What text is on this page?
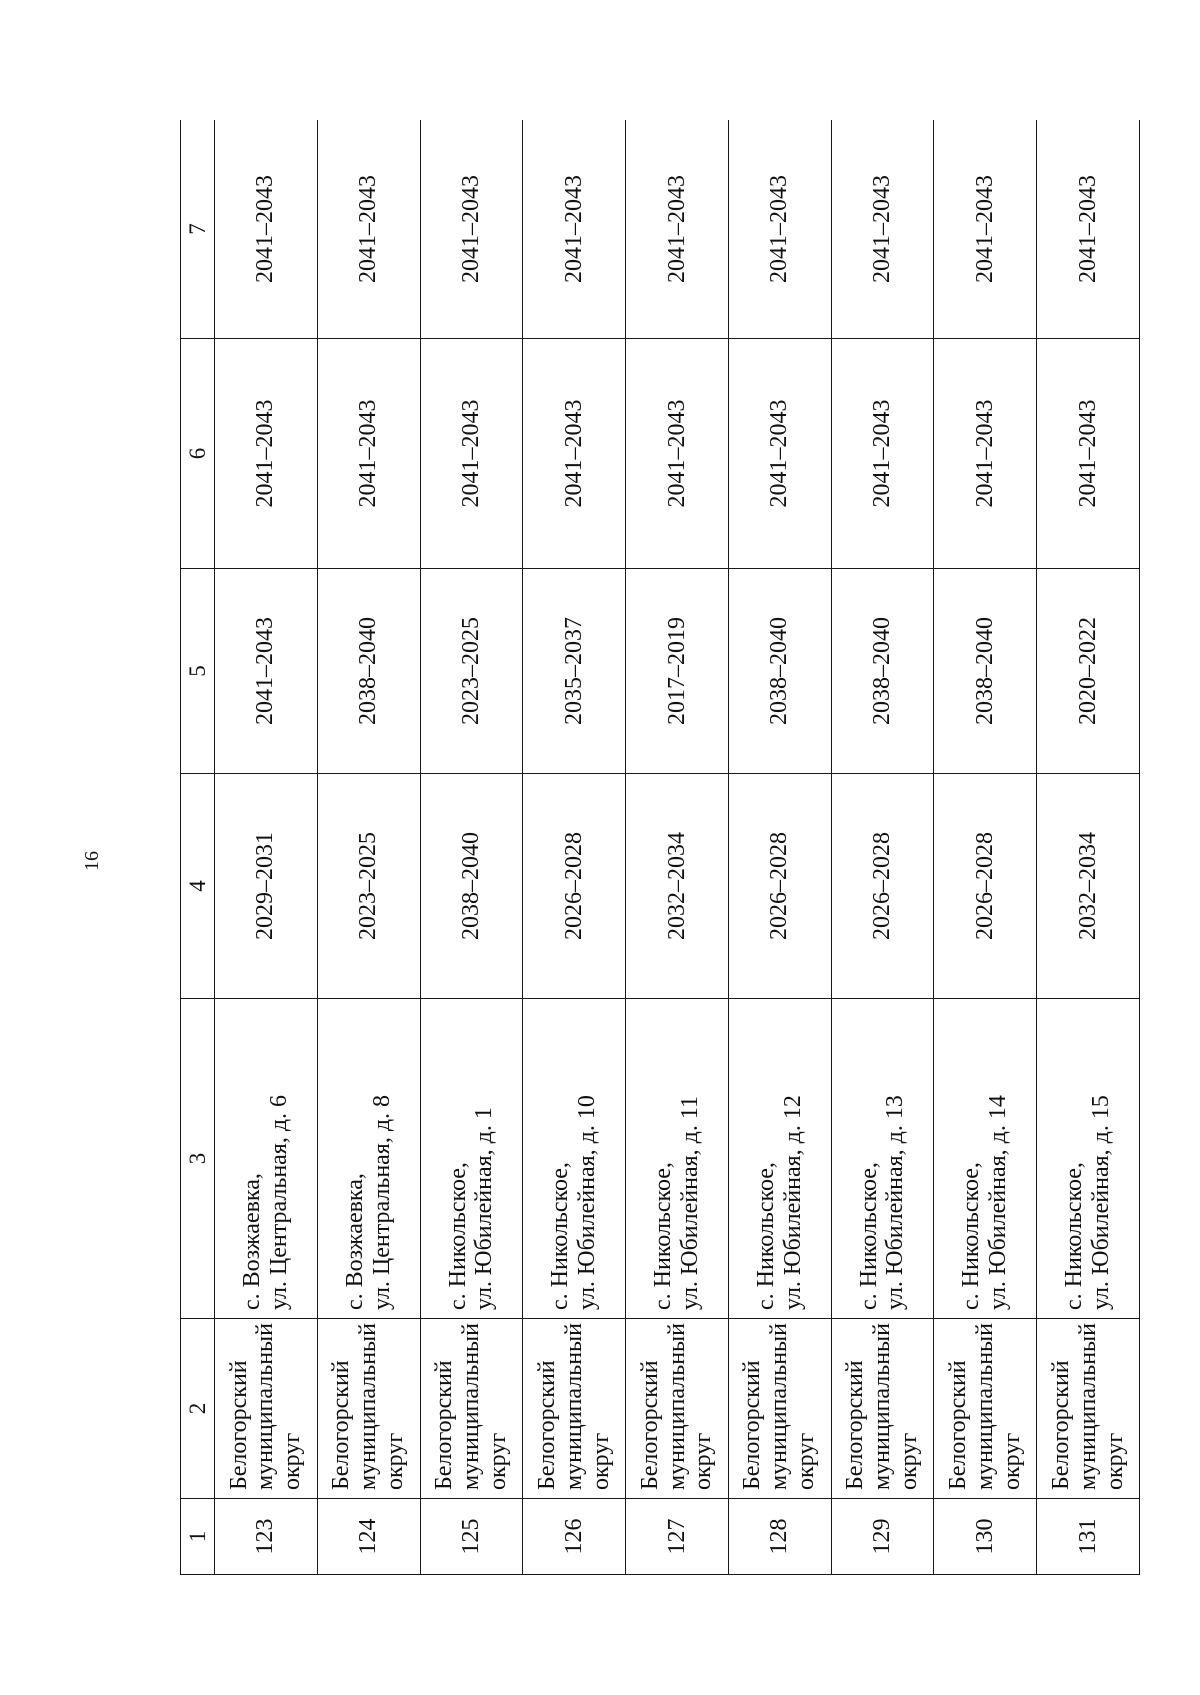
16
1	2	3	4	5	6	7
123	Белогорский муниципальный округ	с. Возжаевка, ул. Центральная, д. 6	2029–2031	2041–2043	2041–2043	2041–2043
124	Белогорский муниципальный округ	с. Возжаевка, ул. Центральная, д. 8	2023–2025	2038–2040	2041–2043	2041–2043
125	Белогорский муниципальный округ	с. Никольское, ул. Юбилейная, д. 1	2038–2040	2023–2025	2041–2043	2041–2043
126	Белогорский муниципальный округ	с. Никольское, ул. Юбилейная, д. 10	2026–2028	2035–2037	2041–2043	2041–2043
127	Белогорский муниципальный округ	с. Никольское, ул. Юбилейная, д. 11	2032–2034	2017–2019	2041–2043	2041–2043
128	Белогорский муниципальный округ	с. Никольское, ул. Юбилейная, д. 12	2026–2028	2038–2040	2041–2043	2041–2043
129	Белогорский муниципальный округ	с. Никольское, ул. Юбилейная, д. 13	2026–2028	2038–2040	2041–2043	2041–2043
130	Белогорский муниципальный округ	с. Никольское, ул. Юбилейная, д. 14	2026–2028	2038–2040	2041–2043	2041–2043
131	Белогорский муниципальный округ	с. Никольское, ул. Юбилейная, д. 15	2032–2034	2020–2022	2041–2043	2041–2043
